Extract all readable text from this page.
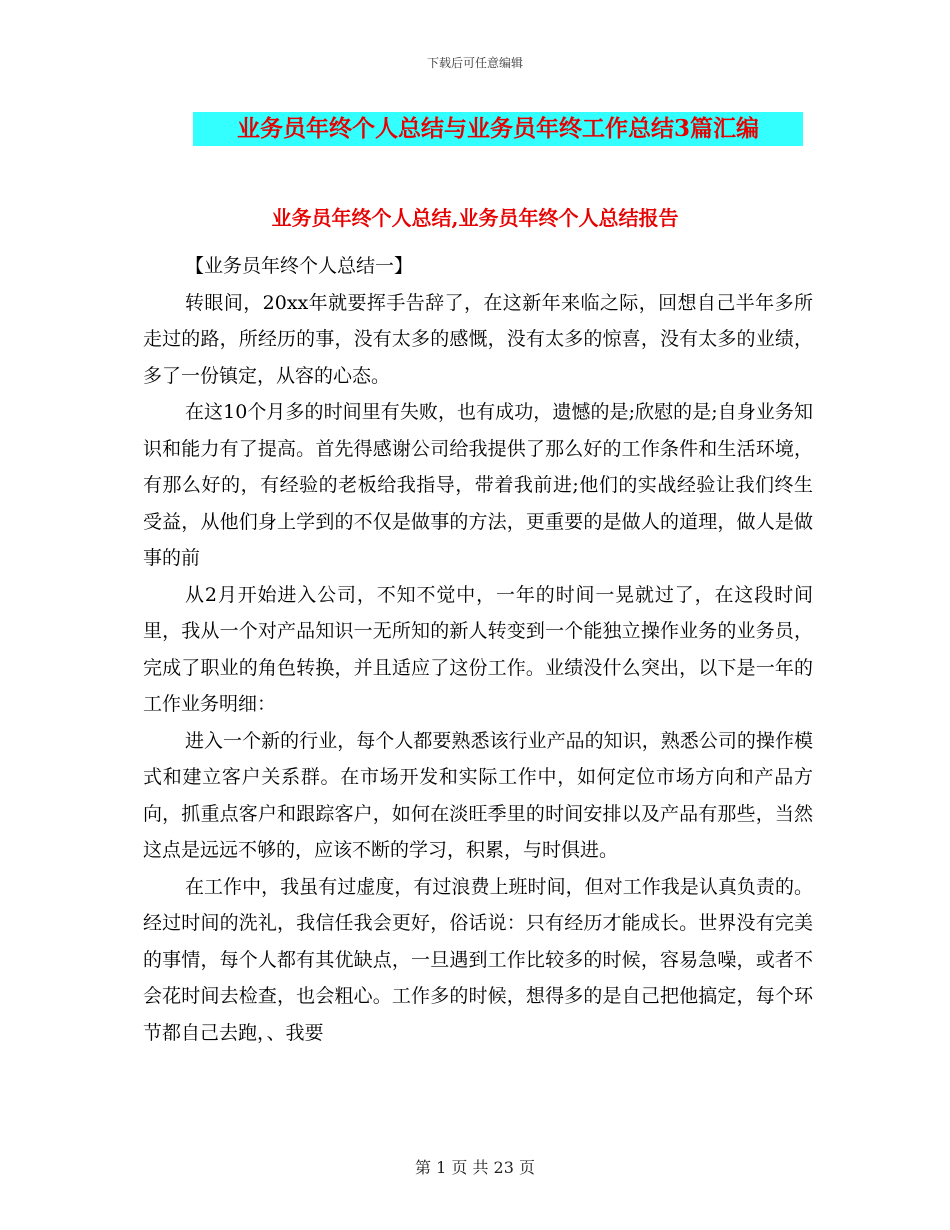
下载后可任意编辑
业务员年终个人总结与业务员年终工作总结3篇汇编
业务员年终个人总结,业务员年终个人总结报告
【业务员年终个人总结一】

转眼间，20xx年就要挥手告辞了，在这新年来临之际，回想自己半年多所走过的路，所经历的事，没有太多的感慨，没有太多的惊喜，没有太多的业绩，多了一份镇定，从容的心态。

在这10个月多的时间里有失败，也有成功，遗憾的是;欣慰的是;自身业务知识和能力有了提高。首先得感谢公司给我提供了那么好的工作条件和生活环境，有那么好的，有经验的老板给我指导，带着我前进;他们的实战经验让我们终生受益，从他们身上学到的不仅是做事的方法，更重要的是做人的道理，做人是做事的前

从2月开始进入公司，不知不觉中，一年的时间一晃就过了，在这段时间里，我从一个对产品知识一无所知的新人转变到一个能独立操作业务的业务员，完成了职业的角色转换，并且适应了这份工作。业绩没什么突出，以下是一年的工作业务明细：

进入一个新的行业，每个人都要熟悉该行业产品的知识，熟悉公司的操作模式和建立客户关系群。在市场开发和实际工作中，如何定位市场方向和产品方向，抓重点客户和跟踪客户，如何在淡旺季里的时间安排以及产品有那些，当然这点是远远不够的，应该不断的学习，积累，与时俱进。

在工作中，我虽有过虚度，有过浪费上班时间，但对工作我是认真负责的。经过时间的洗礼，我信任我会更好，俗话说：只有经历才能成长。世界没有完美的事情，每个人都有其优缺点，一旦遇到工作比较多的时候，容易急噪，或者不会花时间去检查，也会粗心。工作多的时候，想得多的是自己把他搞定，每个环节都自己去跑，、我要

第 1 页 共 23 页
